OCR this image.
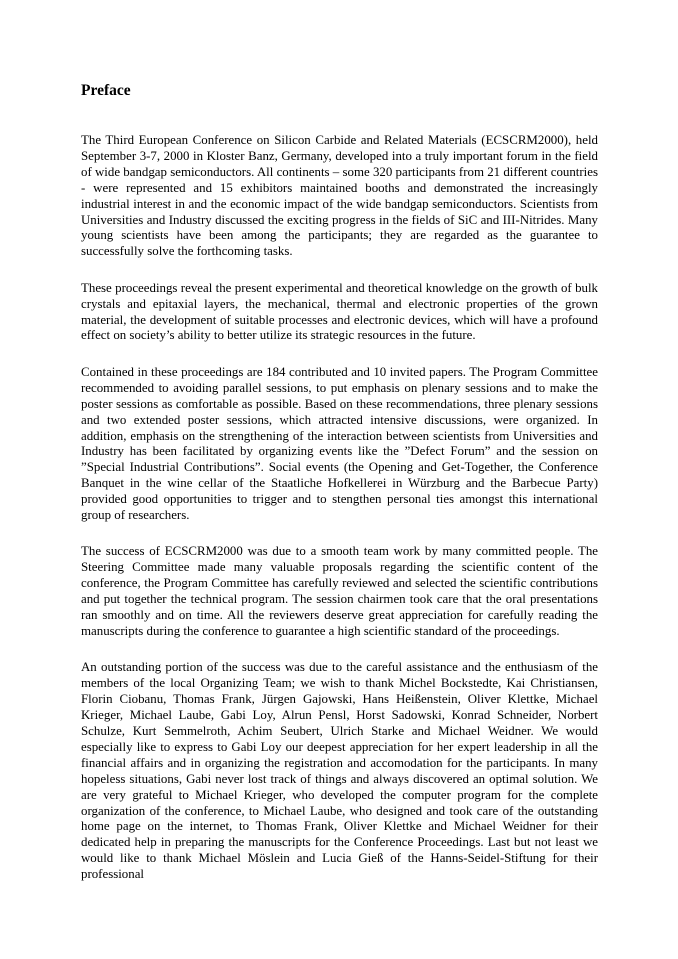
Preface

The Third European Conference on Silicon Carbide and Related Materials (ECSCRM2000), held September 3-7, 2000 in Kloster Banz, Germany, developed into a truly important forum in the field of wide bandgap semiconductors. All continents – some 320 participants from 21 different countries - were represented and 15 exhibitors maintained booths and demonstrated the increasingly industrial interest in and the economic impact of the wide bandgap semiconductors. Scientists from Universities and Industry discussed the exciting progress in the fields of SiC and III-Nitrides. Many young scientists have been among the participants; they are regarded as the guarantee to successfully solve the forthcoming tasks.

These proceedings reveal the present experimental and theoretical knowledge on the growth of bulk crystals and epitaxial layers, the mechanical, thermal and electronic properties of the grown material, the development of suitable processes and electronic devices, which will have a profound effect on society’s ability to better utilize its strategic resources in the future.

Contained in these proceedings are 184 contributed and 10 invited papers. The Program Committee recommended to avoiding parallel sessions, to put emphasis on plenary sessions and to make the poster sessions as comfortable as possible. Based on these recommendations, three plenary sessions and two extended poster sessions, which attracted intensive discussions, were organized. In addition, emphasis on the strengthening of the interaction between scientists from Universities and Industry has been facilitated by organizing events like the ”Defect Forum” and the session on ”Special Industrial Contributions”. Social events (the Opening and Get-Together, the Conference Banquet in the wine cellar of the Staatliche Hofkellerei in Würzburg and the Barbecue Party) provided good opportunities to trigger and to stengthen personal ties amongst this international group of researchers.

The success of ECSCRM2000 was due to a smooth team work by many committed people. The Steering Committee made many valuable proposals regarding the scientific content of the conference, the Program Committee has carefully reviewed and selected the scientific contributions and put together the technical program. The session chairmen took care that the oral presentations ran smoothly and on time. All the reviewers deserve great appreciation for carefully reading the manuscripts during the conference to guarantee a high scientific standard of the proceedings.

An outstanding portion of the success was due to the careful assistance and the enthusiasm of the members of the local Organizing Team; we wish to thank Michel Bockstedte, Kai Christiansen, Florin Ciobanu, Thomas Frank, Jürgen Gajowski, Hans Heißenstein, Oliver Klettke, Michael Krieger, Michael Laube, Gabi Loy, Alrun Pensl, Horst Sadowski, Konrad Schneider, Norbert Schulze, Kurt Semmelroth, Achim Seubert, Ulrich Starke and Michael Weidner. We would especially like to express to Gabi Loy our deepest appreciation for her expert leadership in all the financial affairs and in organizing the registration and accomodation for the participants. In many hopeless situations, Gabi never lost track of things and always discovered an optimal solution. We are very grateful to Michael Krieger, who developed the computer program for the complete organization of the conference, to Michael Laube, who designed and took care of the outstanding home page on the internet, to Thomas Frank, Oliver Klettke and Michael Weidner for their dedicated help in preparing the manuscripts for the Conference Proceedings. Last but not least we would like to thank Michael Möslein and Lucia Gieß of the Hanns-Seidel-Stiftung for their professional
